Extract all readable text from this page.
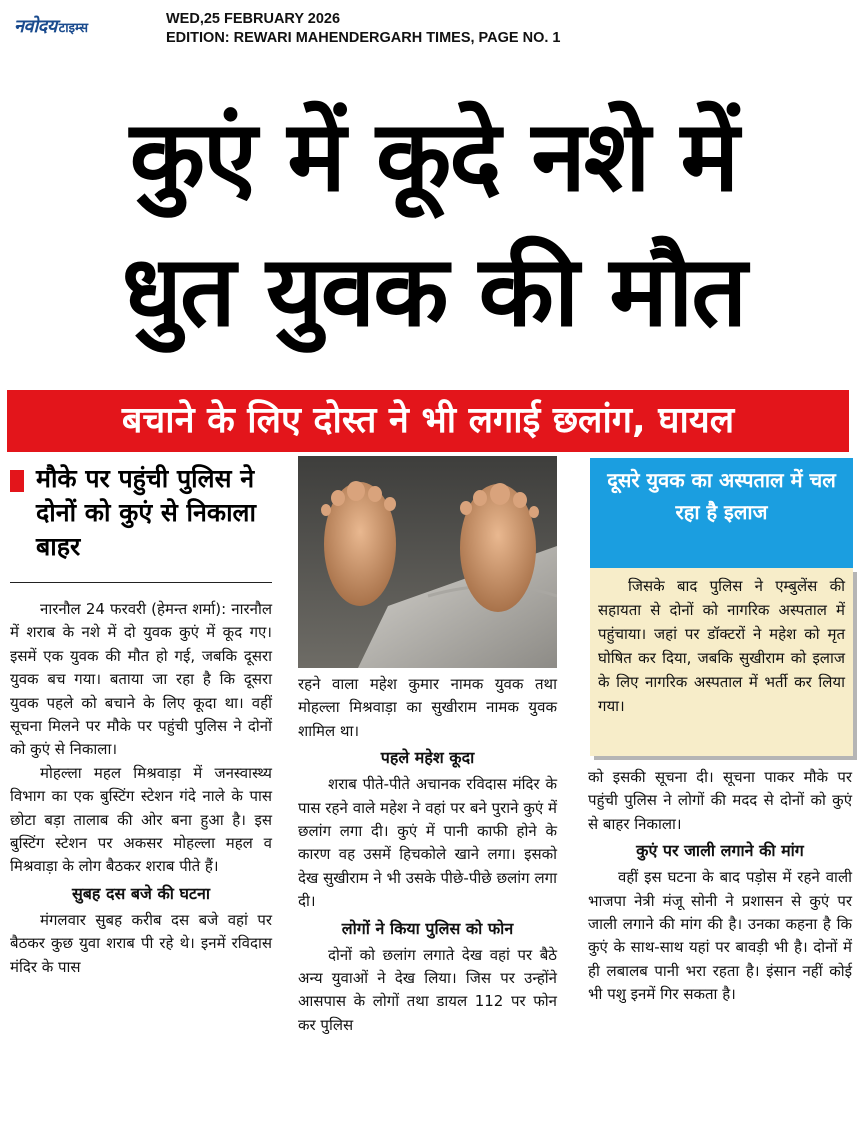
नवोदय टाइम्स
WED,25 FEBRUARY 2026
EDITION: REWARI MAHENDERGARH TIMES, PAGE NO. 1
कुएं में कूदे नशे में
धुत युवक की मौत
बचाने के लिए दोस्त ने भी लगाई छलांग, घायल
मौके पर पहुंची पुलिस ने दोनों को कुएं से निकाला बाहर

नारनौल 24 फरवरी (हेमन्त शर्मा): नारनौल में शराब के नशे में दो युवक कुएं में कूद गए। इसमें एक युवक की मौत हो गई, जबकि दूसरा युवक बच गया। बताया जा रहा है कि दूसरा युवक पहले को बचाने के लिए कूदा था। वहीं सूचना मिलने पर मौके पर पहुंची पुलिस ने दोनों को कुएं से निकाला।

मोहल्ला महल मिश्रवाड़ा में जनस्वास्थ्य विभाग का एक बुस्टिंग स्टेशन गंदे नाले के पास छोटा बड़ा तालाब की ओर बना हुआ है। इस बुस्टिंग स्टेशन पर अकसर मोहल्ला महल व मिश्रवाड़ा के लोग बैठकर शराब पीते हैं।

सुबह दस बजे की घटना

मंगलवार सुबह करीब दस बजे वहां पर बैठकर कुछ युवा शराब पी रहे थे। इनमें रविदास मंदिर के पास

रहने वाला महेश कुमार नामक युवक तथा मोहल्ला मिश्रवाड़ा का सुखीराम नामक युवक शामिल था।

पहले महेश कूदा

शराब पीते-पीते अचानक रविदास मंदिर के पास रहने वाले महेश ने वहां पर बने पुराने कुएं में छलांग लगा दी। कुएं में पानी काफी होने के कारण वह उसमें हिचकोले खाने लगा। इसको देख सुखीराम ने भी उसके पीछे-पीछे छलांग लगा दी।

लोगों ने किया पुलिस को फोन

दोनों को छलांग लगाते देख वहां पर बैठे अन्य युवाओं ने देख लिया। जिस पर उन्होंने आसपास के लोगों तथा डायल 112 पर फोन कर पुलिस

दूसरे युवक का अस्पताल में चल रहा है इलाज

जिसके बाद पुलिस ने एम्बुलेंस की सहायता से दोनों को नागरिक अस्पताल में पहुंचाया। जहां पर डॉक्टरों ने महेश को मृत घोषित कर दिया, जबकि सुखीराम को इलाज के लिए नागरिक अस्पताल में भर्ती कर लिया गया।

को इसकी सूचना दी। सूचना पाकर मौके पर पहुंची पुलिस ने लोगों की मदद से दोनों को कुएं से बाहर निकाला।

कुएं पर जाली लगाने की मांग

वहीं इस घटना के बाद पड़ोस में रहने वाली भाजपा नेत्री मंजू सोनी ने प्रशासन से कुएं पर जाली लगाने की मांग की है। उनका कहना है कि कुएं के साथ-साथ यहां पर बावड़ी भी है। दोनों में ही लबालब पानी भरा रहता है। इंसान नहीं कोई भी पशु इनमें गिर सकता है।
